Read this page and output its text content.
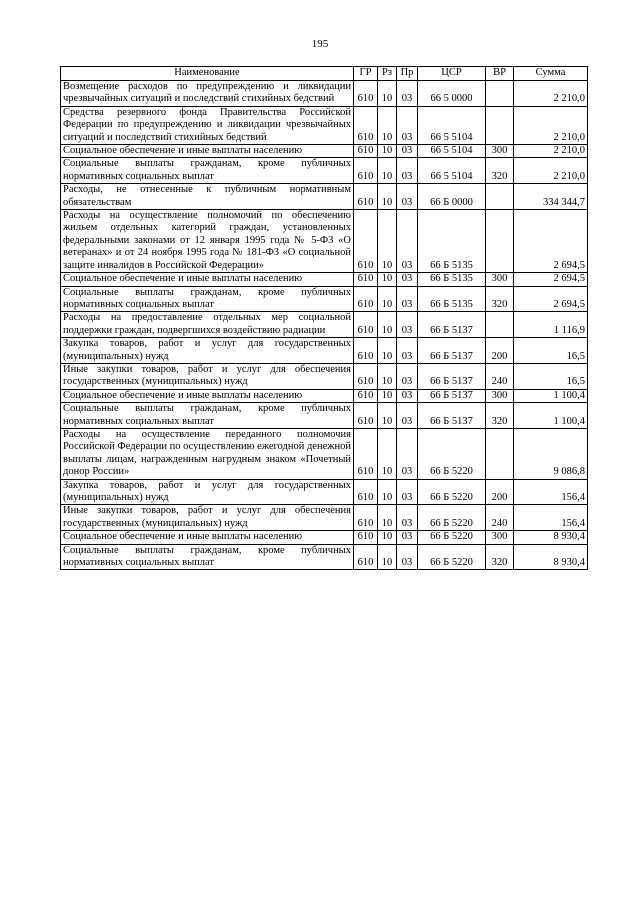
195
Наименование	ГР	Рз	Пр	ЦСР	ВР	Сумма
Возмещение расходов по предупреждению и ликвидации чрезвычайных ситуаций и последствий стихийных бедствий	610	10	03	66 5 0000		2 210,0
Средства резервного фонда Правительства Российской Федерации по предупреждению и ликвидации чрезвычайных ситуаций и последствий стихийных бедствий	610	10	03	66 5 5104		2 210,0
Социальное обеспечение и иные выплаты населению	610	10	03	66 5 5104	300	2 210,0
Социальные выплаты гражданам, кроме публичных нормативных социальных выплат	610	10	03	66 5 5104	320	2 210,0
Расходы, не отнесенные к публичным нормативным обязательствам	610	10	03	66 Б 0000		334 344,7
Расходы на осуществление полномочий по обеспечению жильем отдельных категорий граждан, установленных федеральными законами от 12 января 1995 года № 5-ФЗ «О ветеранах» и от 24 ноября 1995 года № 181-ФЗ «О социальной защите инвалидов в Российской Федерации»	610	10	03	66 Б 5135		2 694,5
Социальное обеспечение и иные выплаты населению	610	10	03	66 Б 5135	300	2 694,5
Социальные выплаты гражданам, кроме публичных нормативных социальных выплат	610	10	03	66 Б 5135	320	2 694,5
Расходы на предоставление отдельных мер социальной поддержки граждан, подвергшихся воздействию радиации	610	10	03	66 Б 5137		1 116,9
Закупка товаров, работ и услуг для государственных (муниципальных) нужд	610	10	03	66 Б 5137	200	16,5
Иные закупки товаров, работ и услуг для обеспечения государственных (муниципальных) нужд	610	10	03	66 Б 5137	240	16,5
Социальное обеспечение и иные выплаты населению	610	10	03	66 Б 5137	300	1 100,4
Социальные выплаты гражданам, кроме публичных нормативных социальных выплат	610	10	03	66 Б 5137	320	1 100,4
Расходы на осуществление переданного полномочия Российской Федерации по осуществлению ежегодной денежной выплаты лицам, награжденным нагрудным знаком «Почетный донор России»	610	10	03	66 Б 5220		9 086,8
Закупка товаров, работ и услуг для государственных (муниципальных) нужд	610	10	03	66 Б 5220	200	156,4
Иные закупки товаров, работ и услуг для обеспечения государственных (муниципальных) нужд	610	10	03	66 Б 5220	240	156,4
Социальное обеспечение и иные выплаты населению	610	10	03	66 Б 5220	300	8 930,4
Социальные выплаты гражданам, кроме публичных нормативных социальных выплат	610	10	03	66 Б 5220	320	8 930,4
